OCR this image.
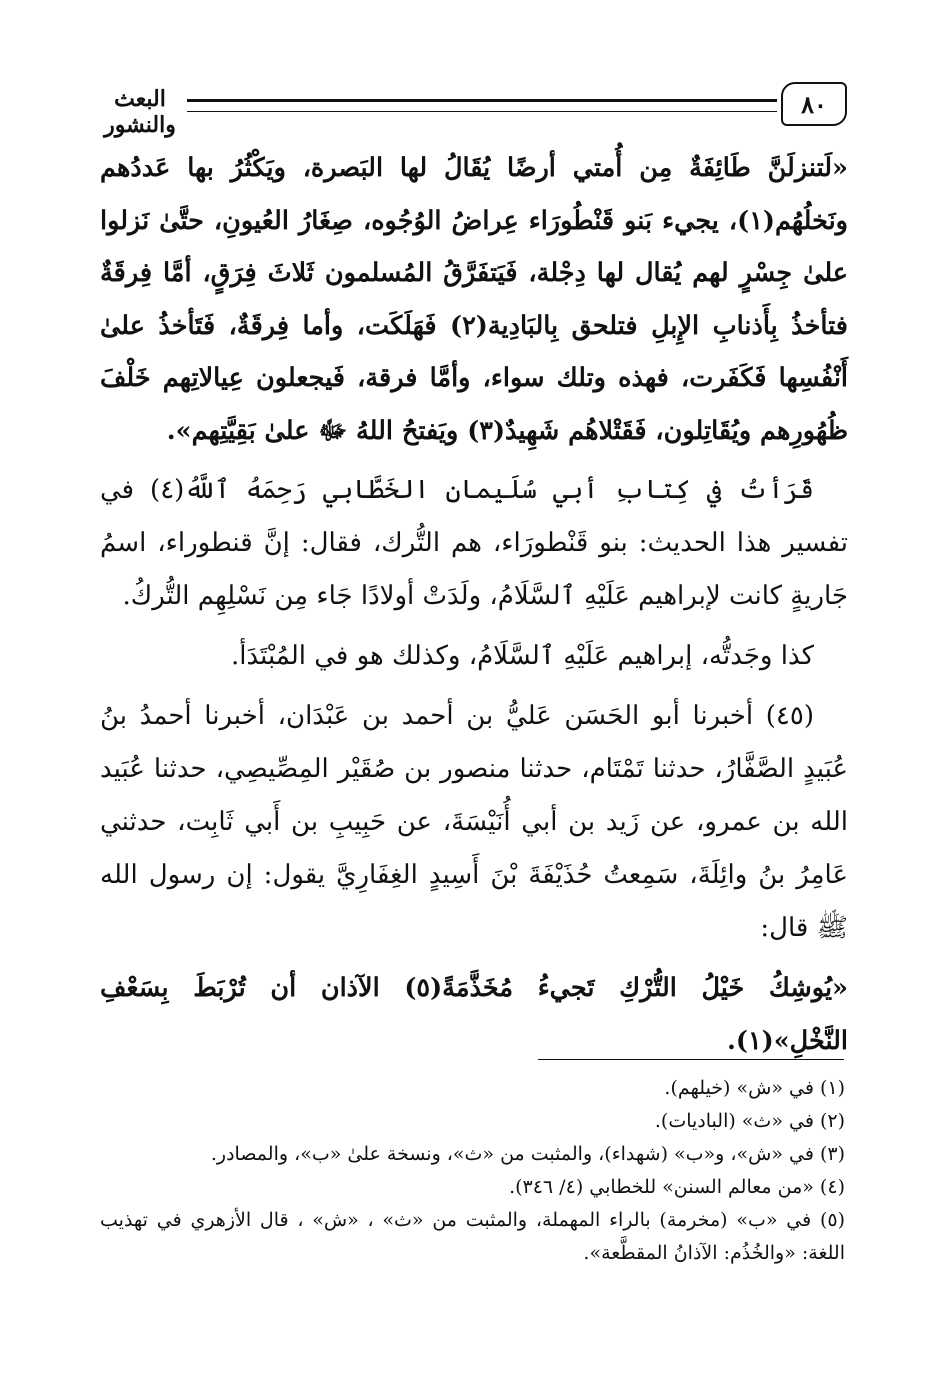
٨٠
البعث والنشور

«لَتنزلَنَّ طَائِفَةٌ مِن أُمتي أرضًا يُقَالُ لها البَصرة، ويَكْثُرُ بها عَددُهم ونَخلُهُم(١)، يجيء بَنو قَنْطُورَاء عِراضُ الوُجُوه، صِغَارُ العُيونِ، حتَّىٰ نَزلوا علىٰ جِسْرٍ لهم يُقال لها دِجْلة، فَيَتفَرَّقُ المُسلمون ثَلاثَ فِرَقٍ، أمَّا فِرقَةٌ فتأخذُ بِأَذنابِ الإِبلِ فتلحق بِالبَادِية(٢) فَهَلَكَت، وأما فِرقَةٌ، فَتَأخذُ علىٰ أَنْفُسِها فَكَفَرت، فهذه وتلك سواء، وأمَّا فرقة، فَيجعلون عِيالاتِهم خَلْفَ ظُهُورِهم ويُقَاتِلون، فَقَتْلاهُم شَهِيدٌ(٣) ويَفتحُ اللهُ ﷻ علىٰ بَقِيَّتِهم».

قَرَأتُ في كِتابِ أبي سُلَيمان الخَطَّابي رَحِمَهُ ٱللَّهُ(٤) في تفسير هذا الحديث: بنو قَنْطورَاء، هم التُّرك، فقال: إنَّ قنطوراء، اسمُ جَاريةٍ كانت لإبراهيم عَلَيْهِ ٱلسَّلَامُ، ولَدَتْ أولادًا جَاء مِن نَسْلِهِم التُّركُ.

كذا وجَدتُّه، إبراهيم عَلَيْهِ ٱلسَّلَامُ، وكذلك هو في المُبْتَدَأ.

(٤٥) أخبرنا أبو الحَسَن عَليُّ بن أحمد بن عَبْدَان، أخبرنا أحمدُ بنُ عُبَيدٍ الصَّفَّارُ، حدثنا تَمْتَام، حدثنا منصور بن صُقَيْر المِصِّيصِي، حدثنا عُبَيد الله بن عمرو، عن زَيد بن أبي أُنَيْسَةَ، عن حَبِيبِ بن أَبي ثَابِت، حدثني عَامِرُ بنُ وائِلَةَ، سَمِعتُ حُذَيْفَةَ بْنَ أَسِيدٍ الغِفَارِيَّ يقول: إن رسول الله ﷺ قال:

«يُوشِكُ خَيْلُ التُّرْكِ تَجيءُ مُخَذَّمَةً(٥) الآذان أن تُرْبَطَ بِسَعْفِ النَّخْلِ»(١).

(١) في «ش» (خيلهم).

(٢) في «ث» (الباديات).

(٣) في «ش»، و«ب» (شهداء)، والمثبت من «ث»، ونسخة علىٰ «ب»، والمصادر.

(٤) «من معالم السنن» للخطابي (٤/ ٣٤٦).

(٥) في «ب» (مخرمة) بالراء المهملة، والمثبت من «ث» ، «ش» ، قال الأزهري في تهذيب اللغة: «والخُذُم: الآذانُ المقطَّعة».
